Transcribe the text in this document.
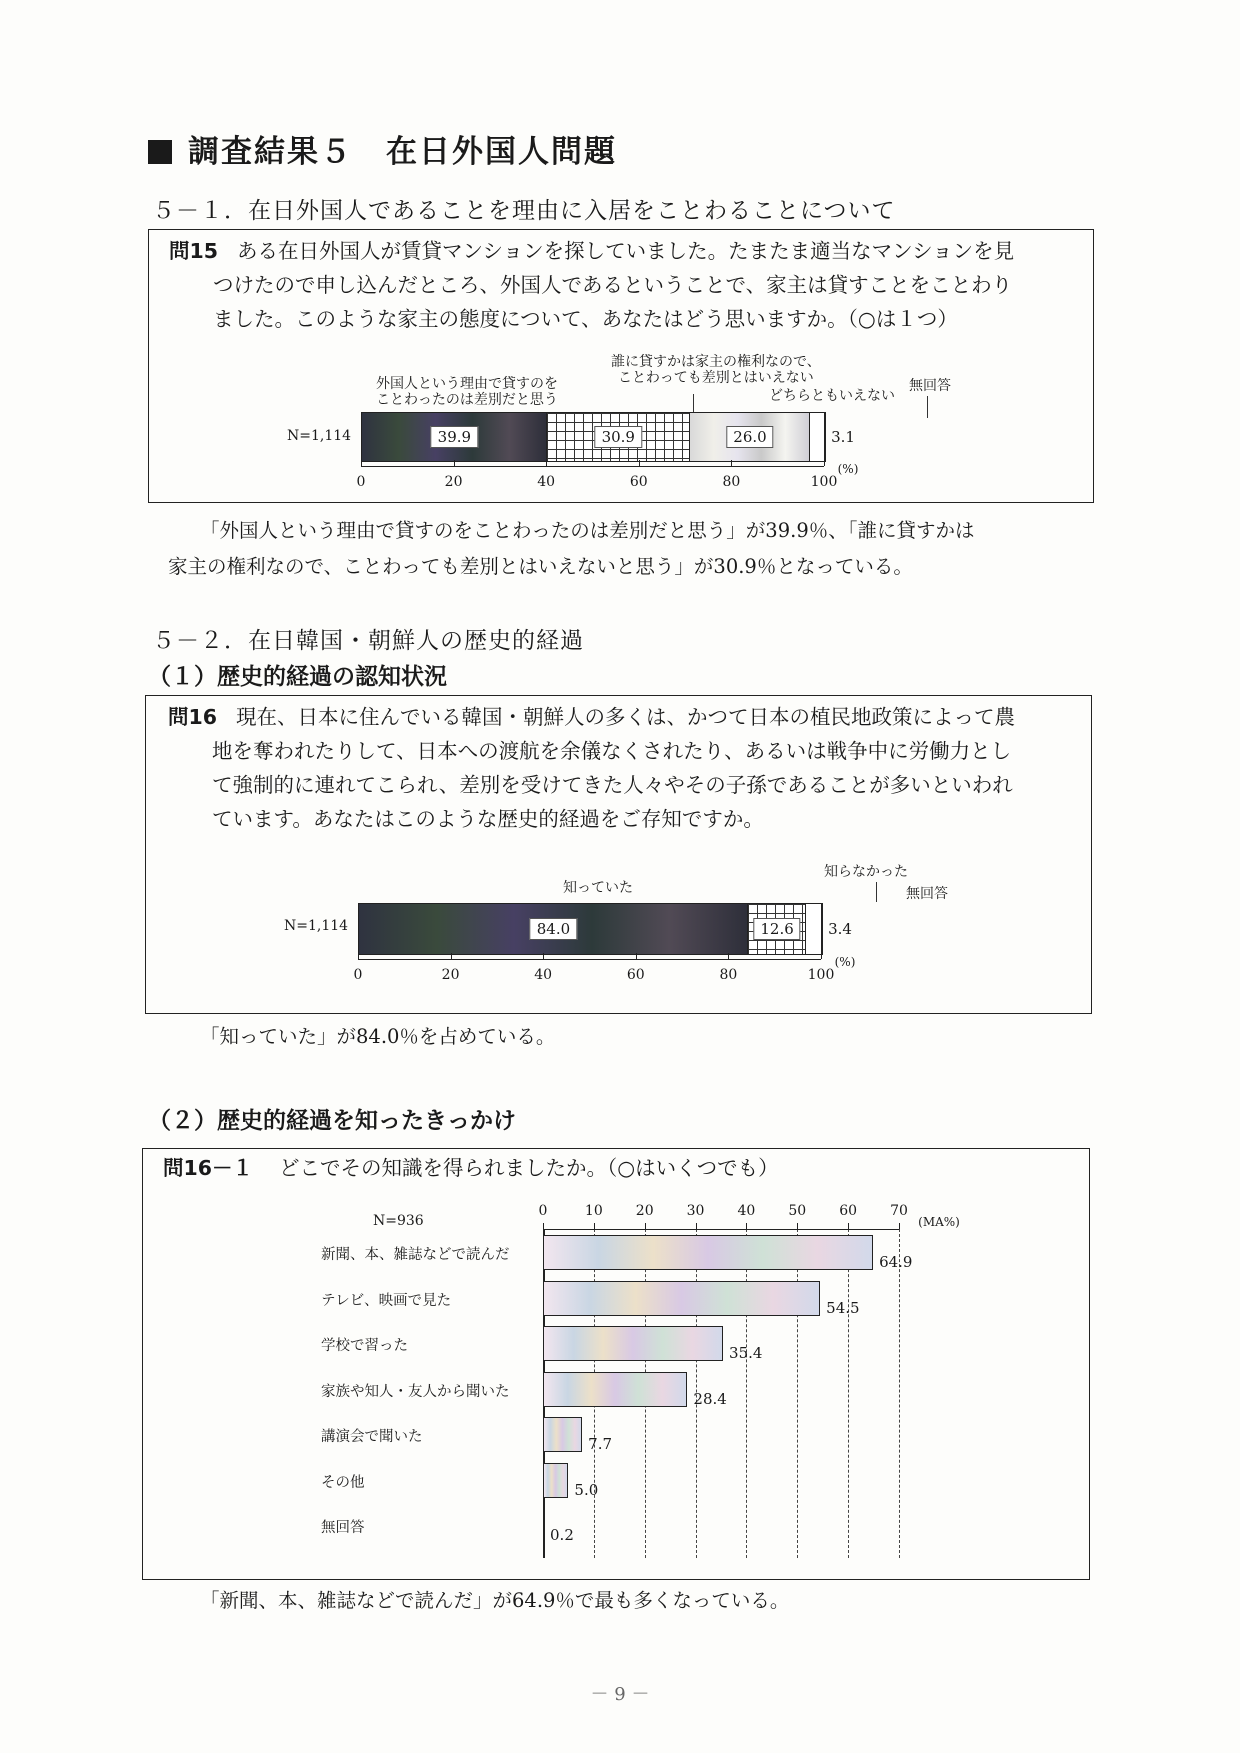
調査結果５　在日外国人問題
５－１．在日外国人であることを理由に入居をことわることについて
問15 ある在日外国人が賃貸マンションを探していました。たまたま適当なマンションを見
つけたので申し込んだところ、外国人であるということで、家主は貸すことをことわり
ました。このような家主の態度について、あなたはどう思いますか。（○は１つ）
外国人という理由で貸すのを
ことわったのは差別だと思う
誰に貸すかは家主の権利なので、
ことわっても差別とはいえない
どちらともいえない
無回答
N=1,114	39.9	30.9	26.0	3.1
0	20	40	60	80	100
(%)
「外国人という理由で貸すのをことわったのは差別だと思う」が39.9％、「誰に貸すかは
家主の権利なので、ことわっても差別とはいえないと思う」が30.9％となっている。
５－２．在日韓国・朝鮮人の歴史的経過
（１）歴史的経過の認知状況
問16 現在、日本に住んでいる韓国・朝鮮人の多くは、かつて日本の植民地政策によって農
地を奪われたりして、日本への渡航を余儀なくされたり、あるいは戦争中に労働力とし
て強制的に連れてこられ、差別を受けてきた人々やその子孫であることが多いといわれ
ています。あなたはこのような歴史的経過をご存知ですか。
知っていた
知らなかった
無回答
N=1,114	84.0	12.6	3.4
0	20	40	60	80	100
(%)
「知っていた」が84.0％を占めている。
（２）歴史的経過を知ったきっかけ
問16－１ どこでその知識を得られましたか。（○はいくつでも）
N=936
0	10 20 30 40 50 60 70
(MA%)
新聞、本、雑誌などで読んだ	64.9
テレビ、映画で見た	54.5
学校で習った	35.4
家族や知人・友人から聞いた	28.4
講演会で聞いた	7.7
その他	5.0
無回答	0.2
「新聞、本、雑誌などで読んだ」が64.9％で最も多くなっている。
－ 9 －
